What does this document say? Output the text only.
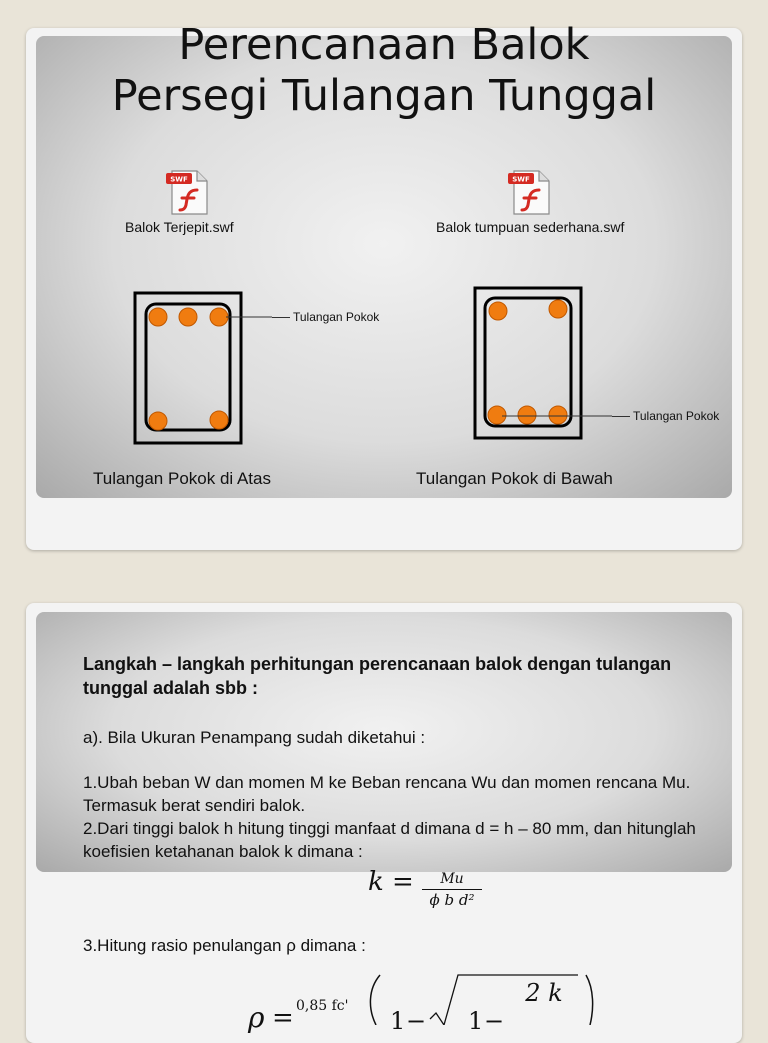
Perencanaan Balok
Persegi Tulangan Tunggal
SWF
Balok Terjepit.swf
SWF
Balok tumpuan sederhana.swf
Tulangan Pokok
Tulangan Pokok
Tulangan Pokok di Atas	Tulangan Pokok di Bawah
Langkah – langkah perhitungan perencanaan balok dengan tulangan tunggal adalah sbb :
a). Bila Ukuran Penampang sudah diketahui :
1.Ubah beban W dan momen M ke Beban rencana Wu dan momen rencana Mu. Termasuk berat sendiri balok.
2.Dari tinggi balok h hitung tinggi manfaat d dimana d = h – 80 mm, dan hitunglah koefisien ketahanan balok k dimana :
k =	Mu
ϕ b d²
3.Hitung rasio penulangan ρ dimana :
ρ = 0,85 fc'
1 − 1 −
2 k
